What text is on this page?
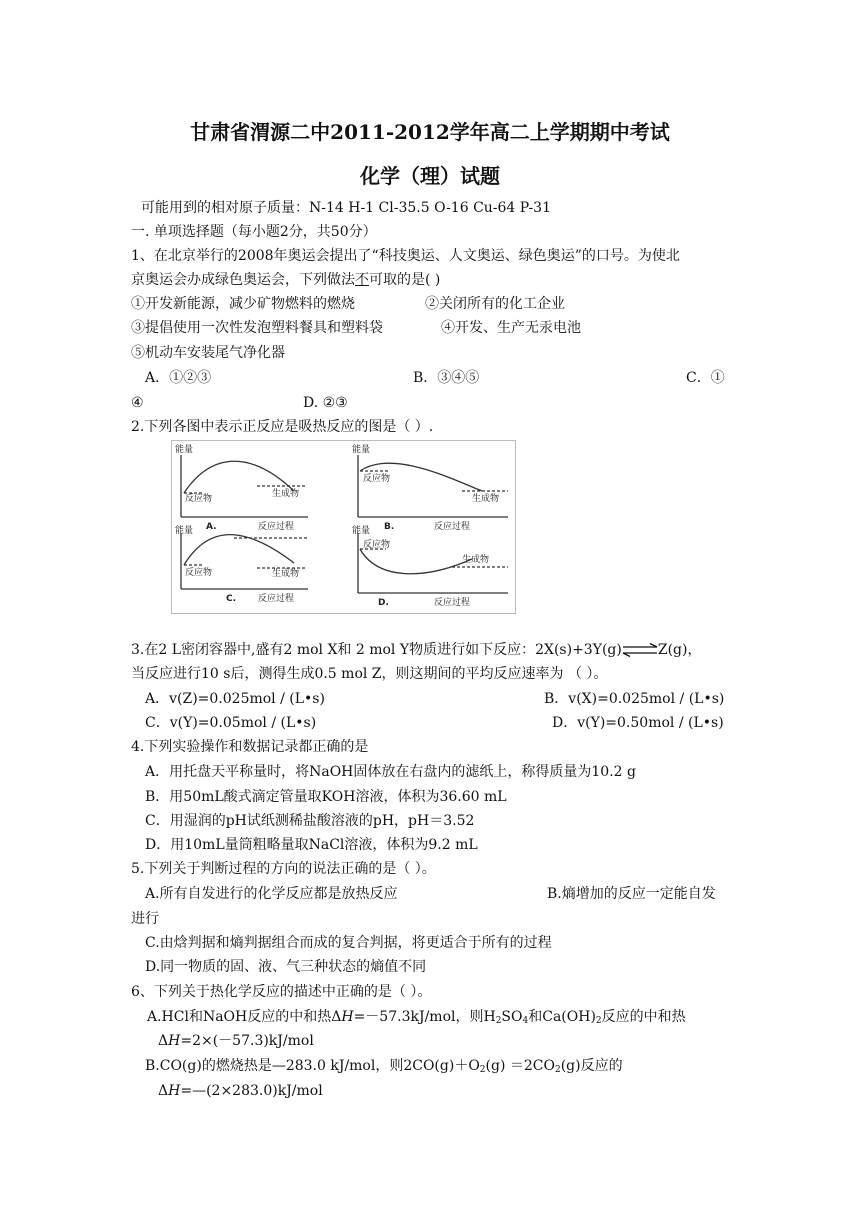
甘肃省渭源二中2011-2012学年高二上学期期中考试
化学（理）试题
可能用到的相对原子质量：N-14 H-1 Cl-35.5 O-16 Cu-64 P-31
一. 单项选择题（每小题2分，共50分）
1、在北京举行的2008年奥运会提出了“科技奥运、人文奥运、绿色奥运”的口号。为使北
京奥运会办成绿色奥运会，下列做法不可取的是( )
①开发新能源，减少矿物燃料的燃烧	②关闭所有的化工企业
③提倡使用一次性发泡塑料餐具和塑料袋	④开发、生产无汞电池
⑤机动车安装尾气净化器
A．①②③	B．③④⑤	C．①
④	D. ②③
2.下列各图中表示正反应是吸热反应的图是（ ）.
能量
反应物	生成物
A.	反应过程
能量
反应物
生成物
B.	反应过程
能量
反应物	生成物
C. 反应过程
能量
反应物
生成物
D.	反应过程
3.在2 L密闭容器中,盛有2 mol X和 2 mol Y物质进行如下反应：2X(s)+3Y(g)⇌Z(g)，
当反应进行10 s后，测得生成0.5 mol Z，则这期间的平均反应速率为 （ ）。
A．v(Z)=0.025mol / (L•s)	B．v(X)=0.025mol / (L•s)
C．v(Y)=0.05mol / (L•s)	D．v(Y)=0.50mol / (L•s)
4.下列实验操作和数据记录都正确的是
A．用托盘天平称量时，将NaOH固体放在右盘内的滤纸上，称得质量为10.2 g
B．用50mL酸式滴定管量取KOH溶液，体积为36.60 mL
C．用湿润的pH试纸测稀盐酸溶液的pH，pH＝3.52
D．用10mL量筒粗略量取NaCl溶液，体积为9.2 mL
5.下列关于判断过程的方向的说法正确的是（ ）。
A.所有自发进行的化学反应都是放热反应	B.熵增加的反应一定能自发
进行
C.由焓判据和熵判据组合而成的复合判据，将更适合于所有的过程
D.同一物质的固、液、气三种状态的熵值不同
6、下列关于热化学反应的描述中正确的是（ ）。
A.HCl和NaOH反应的中和热ΔH=－57.3kJ/mol，则$H_2SO_4$和$Ca(OH)_2$反应的中和热
ΔH=2×(－57.3)kJ/mol
B.CO(g)的燃烧热是—283.0 kJ/mol，则$2CO(g)+O_2(g) =2CO_2(g)$反应的
ΔH=—(2×283.0)kJ/mol
